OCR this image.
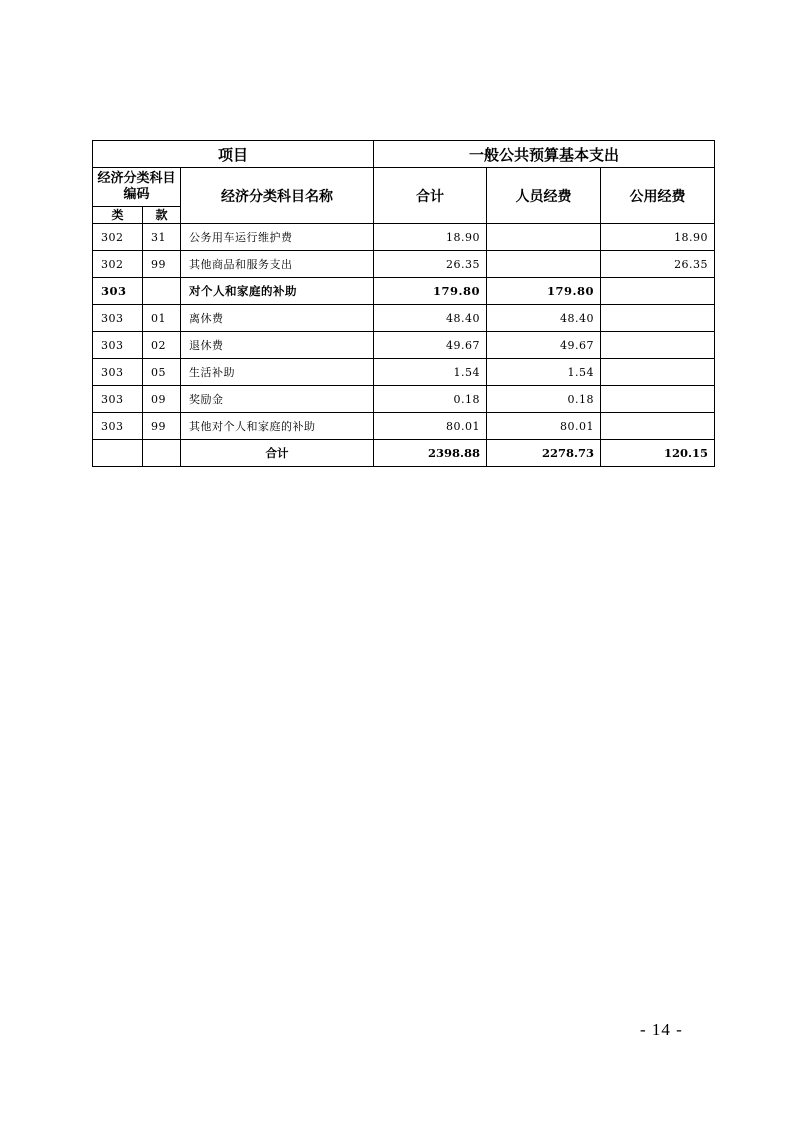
项目			一般公共预算基本支出		
经济分类科目编码		经济分类科目名称	合计	人员经费	公用经费
类	款				
302	31	公务用车运行维护费	18.90		18.90
302	99	其他商品和服务支出	26.35		26.35
303		对个人和家庭的补助	179.80	179.80	
303	01	离休费	48.40	48.40	
303	02	退休费	49.67	49.67	
303	05	生活补助	1.54	1.54	
303	09	奖励金	0.18	0.18	
303	99	其他对个人和家庭的补助	80.01	80.01	
		合计	2398.88	2278.73	120.15
- 14 -
